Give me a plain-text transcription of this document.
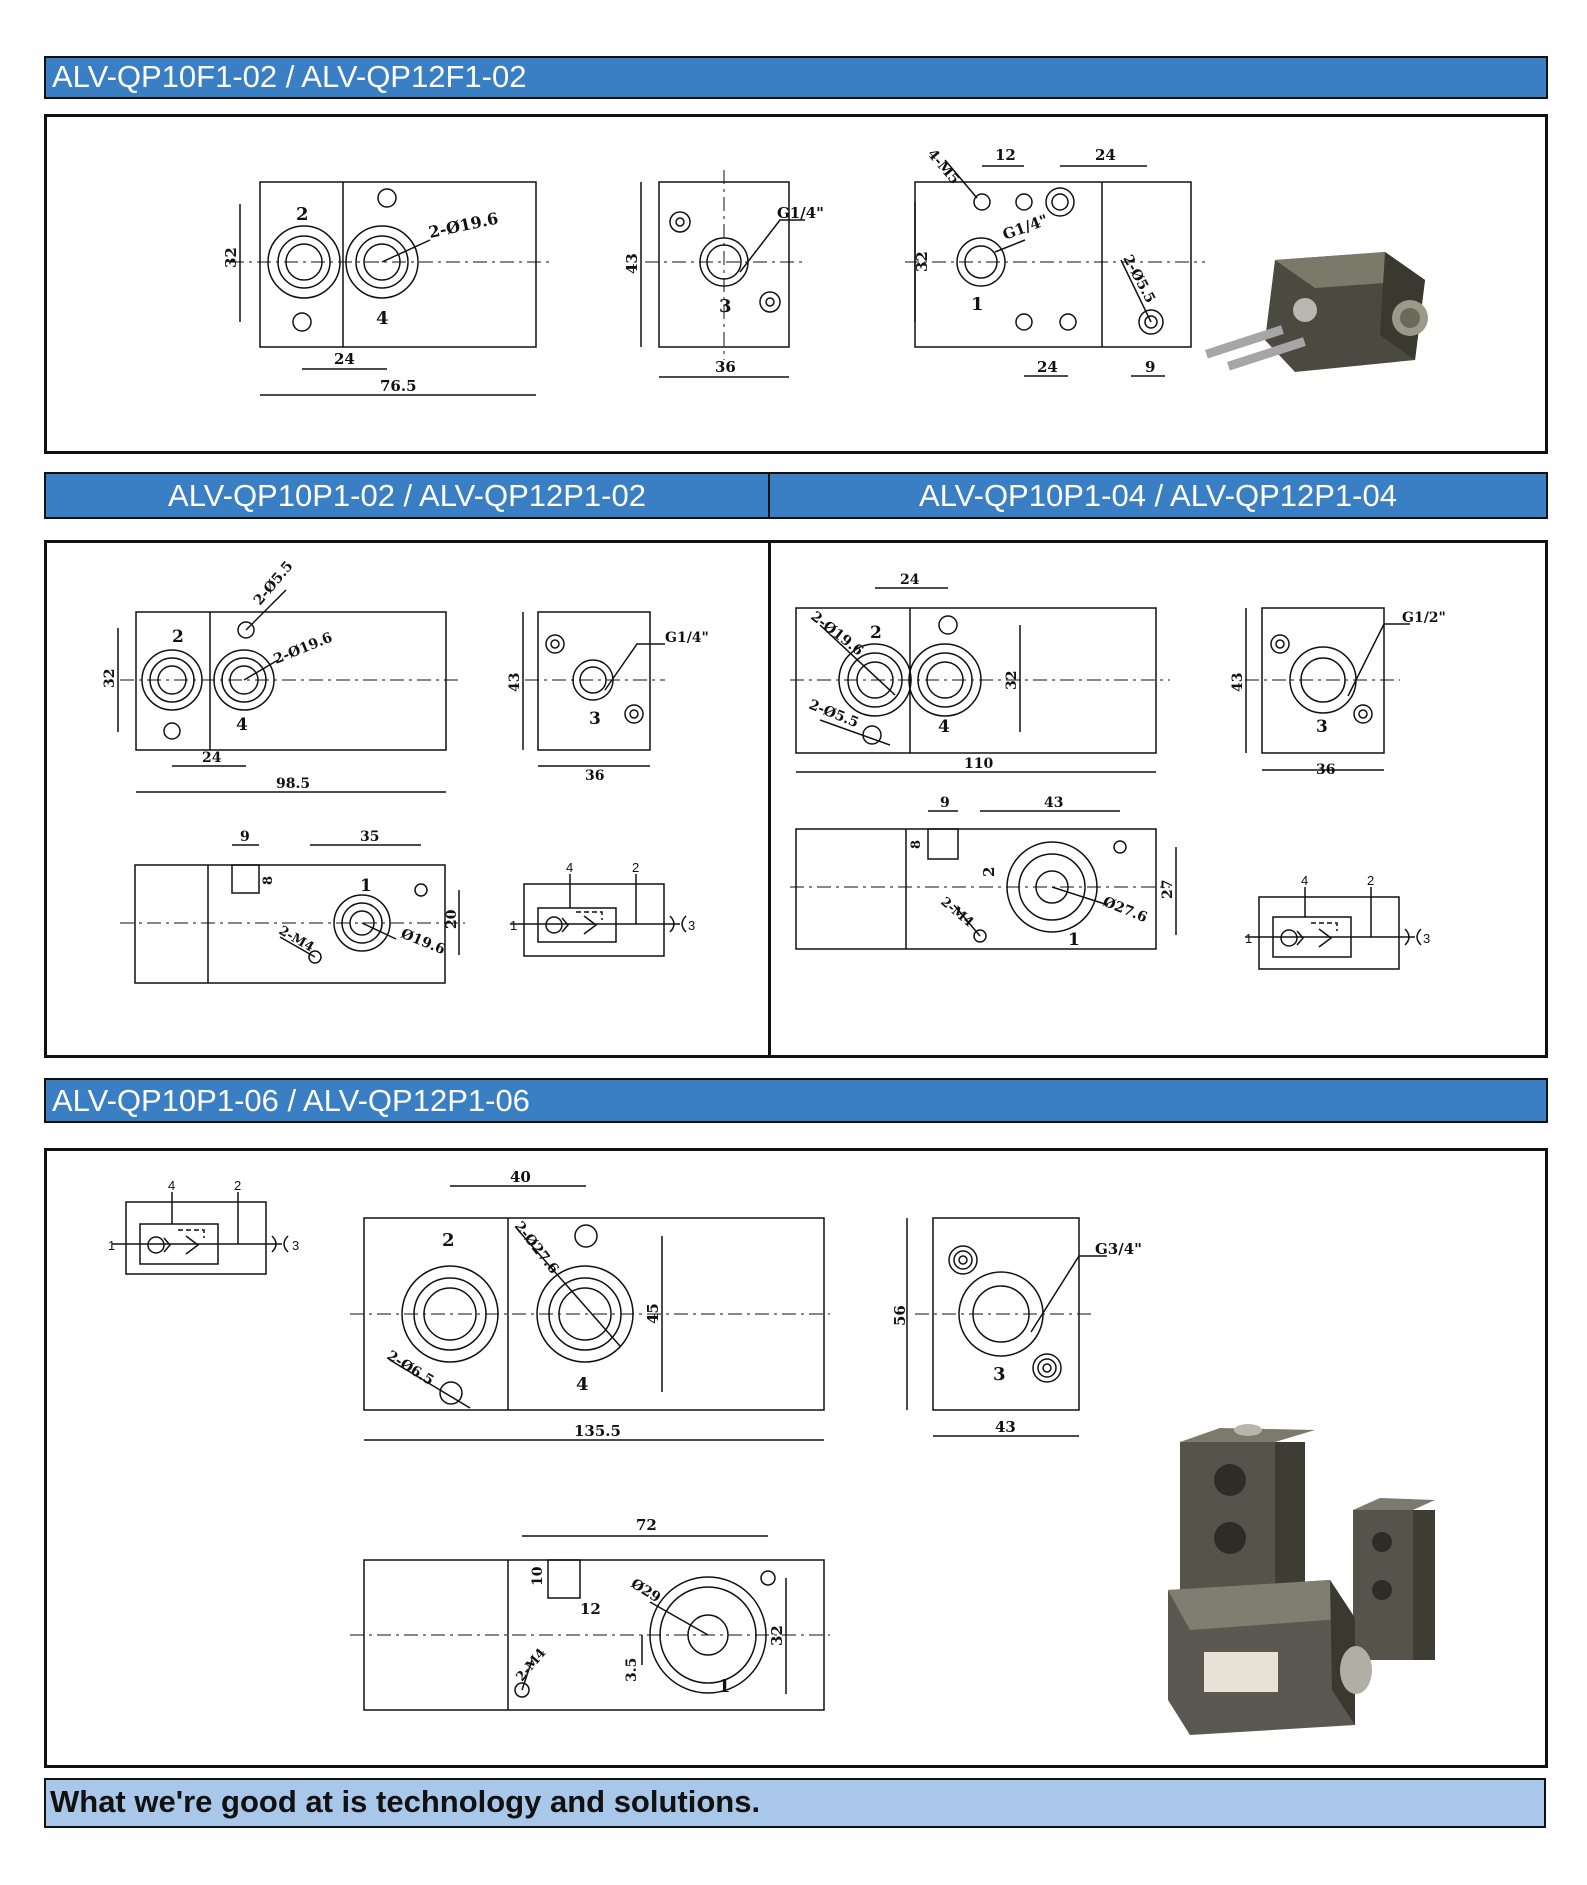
ALV-QP10F1-02 / ALV-QP12F1-02
2
4
2-Ø19.6
32
24
76.5
G1/4"
3
43
36
4-M5 12	24
G1/4"
32
1	2-Ø5.5
24	9
ALV-QP10P1-02 / ALV-QP12P1-02	ALV-QP10P1-04 / ALV-QP12P1-04
2
4
2-Ø5.5
2-Ø19.6
32
24
98.5
G1/4"
3
43
36
9	35
8	1
2-M4	Ø19.6
20	1
2
3
4
2-Ø19.6 2
4
2-Ø5.5
24
32
110
G1/2"
3
43
36
9	43
8
2
2-M4	Ø27.6
1
27
1
2
3
4
ALV-QP10P1-06 / ALV-QP12P1-06
1
2
3
4	40
2	2-Ø27.6
45
2-Ø6.5	4
135.5
G3/4"
56
3
43
72
10
12
Ø29
2-M4	3.5
1
32
What we're good at is technology and solutions.
